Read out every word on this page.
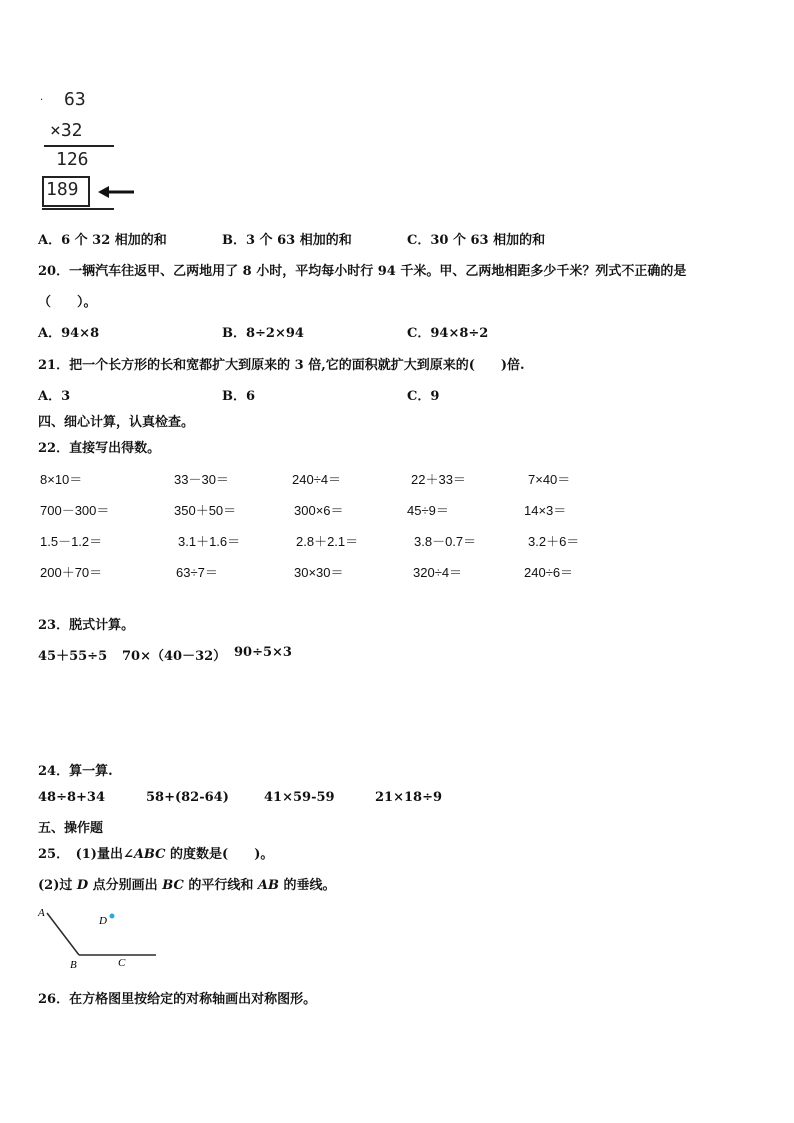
. 63
×32
126
189
A．6 个 32 相加的和	B．3 个 63 相加的和	C．30 个 63 相加的和
20．一辆汽车往返甲、乙两地用了 8 小时，平均每小时行 94 千米。甲、乙两地相距多少千米？列式不正确的是
（　　）。
A．94×8	B．8÷2×94	C．94×8÷2
21．把一个长方形的长和宽都扩大到原来的 3 倍,它的面积就扩大到原来的(　　)倍.
A．3	B．6	C．9
四、细心计算，认真检查。
22．直接写出得数。
8×10＝	33－30＝	240÷4＝	22＋33＝	7×40＝
700－300＝	350＋50＝	300×6＝	45÷9＝	14×3＝
1.5－1.2＝	3.1＋1.6＝	2.8＋2.1＝	3.8－0.7＝	3.2＋6＝
200＋70＝	63÷7＝	30×30＝	320÷4＝	240÷6＝
23．脱式计算。
45＋55÷5 70×（40－32） 90÷5×3
24．算一算.
48÷8+34	58+(82-64)	41×59-59	21×18÷9
五、操作题
25．　(1)量出∠ABC 的度数是(　　)。
(2)过 D 点分别画出 BC 的平行线和 AB 的垂线。
A
B	C
D
26．在方格图里按给定的对称轴画出对称图形。
